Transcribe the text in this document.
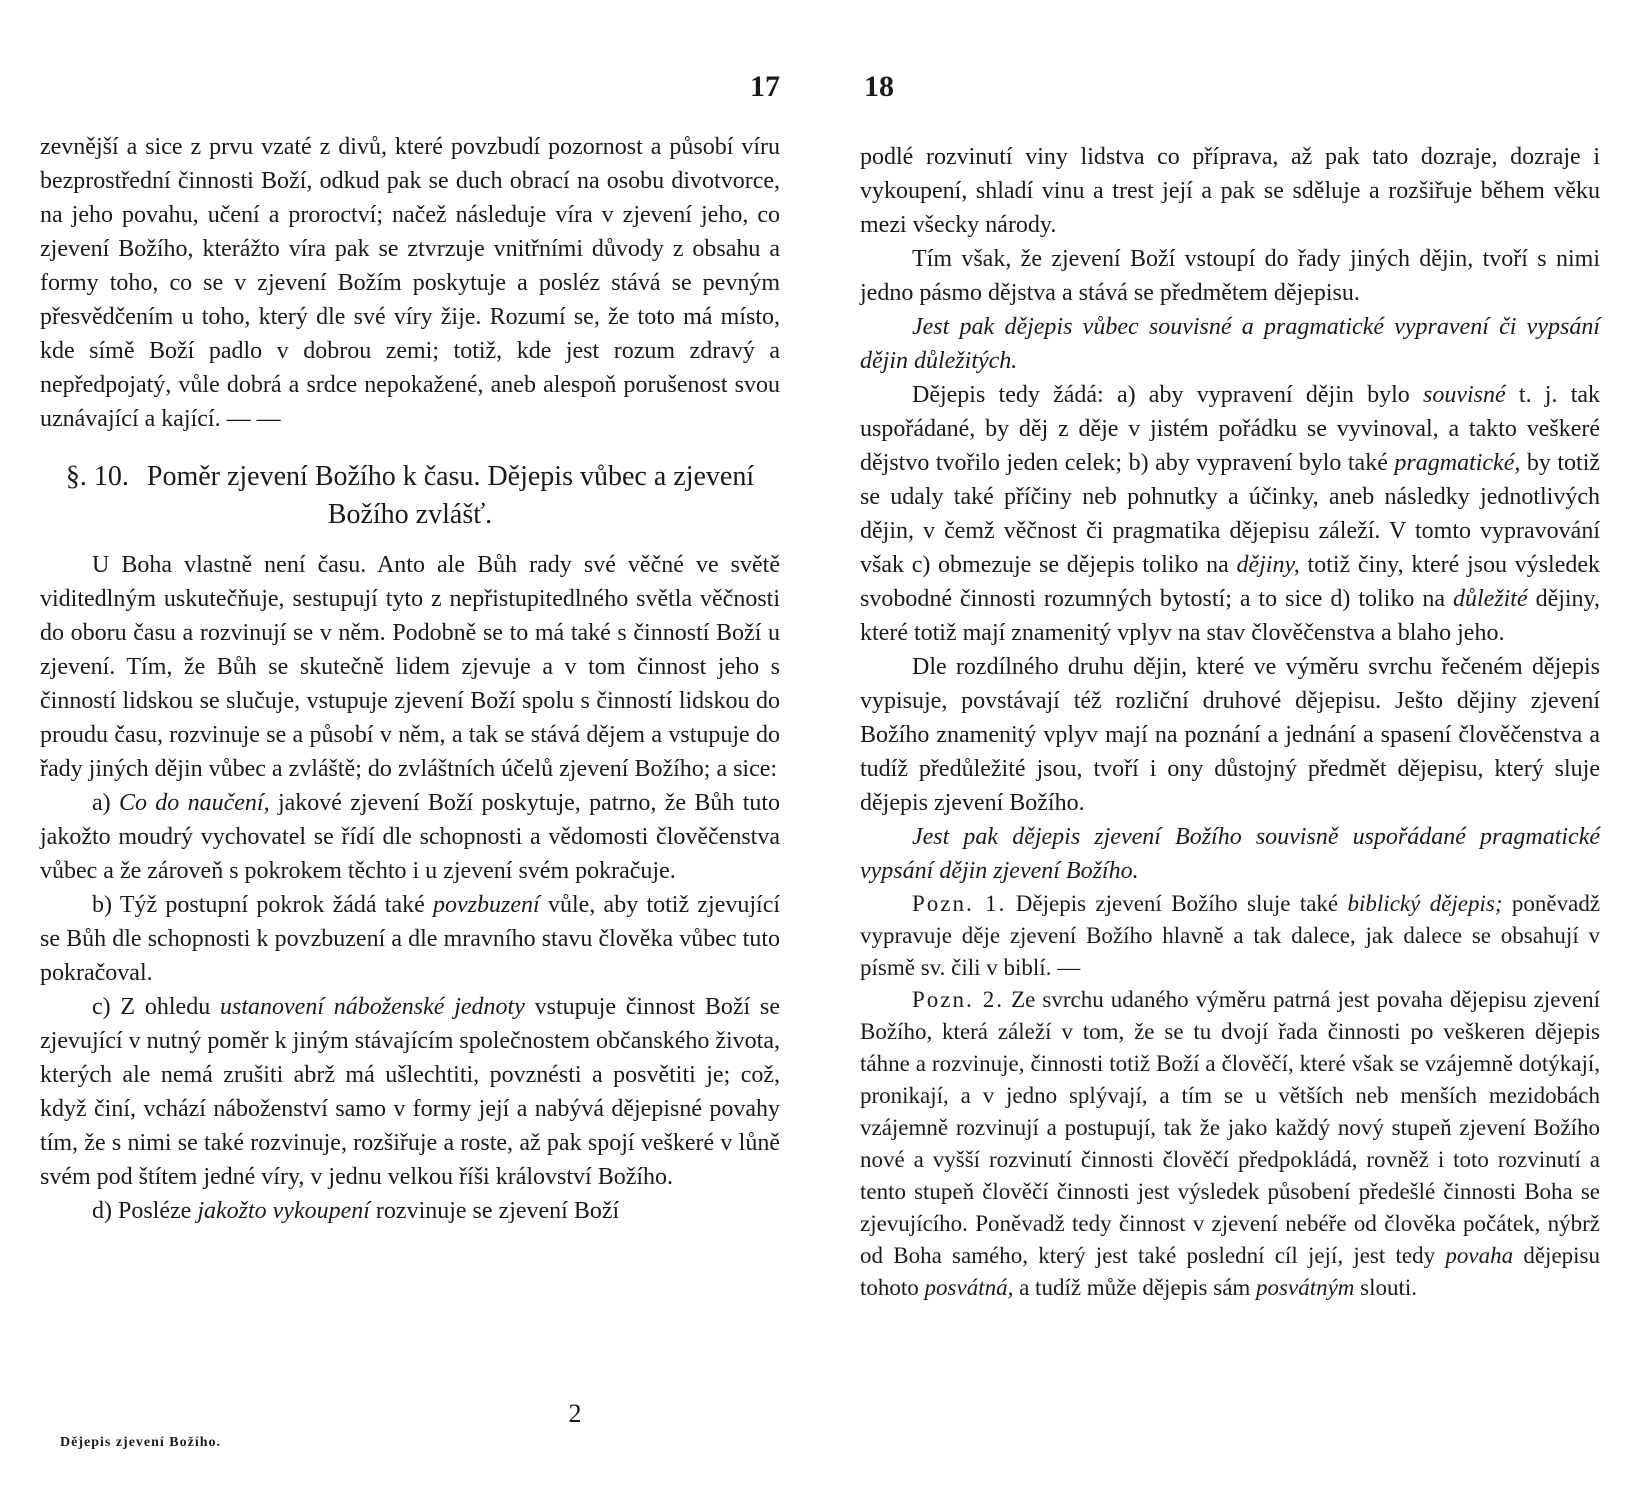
17

zevnější a sice z prvu vzaté z divů, které povzbudí pozornost a působí víru bezprostřední činnosti Boží, odkud pak se duch obrací na osobu divotvorce, na jeho povahu, učení a proroctví; načež následuje víra v zjevení jeho, co zjevení Božího, kterážto víra pak se ztvrzuje vnitřními důvody z obsahu a formy toho, co se v zjevení Božím poskytuje a posléz stává se pevným přesvědčením u toho, který dle své víry žije. Rozumí se, že toto má místo, kde símě Boží padlo v dobrou zemi; totiž, kde jest rozum zdravý a nepředpojatý, vůle dobrá a srdce nepokažené, aneb alespoň porušenost svou uznávající a kající. — —

§. 10. Poměr zjevení Božího k času. Dějepis vůbec a zjevení Božího zvlášť.

U Boha vlastně není času. Anto ale Bůh rady své věčné ve světě viditedlným uskutečňuje, sestupují tyto z nepřistupitedlného světla věčnosti do oboru času a rozvinují se v něm. Podobně se to má také s činností Boží u zjevení. Tím, že Bůh se skutečně lidem zjevuje a v tom činnost jeho s činností lidskou se slučuje, vstupuje zjevení Boží spolu s činností lidskou do proudu času, rozvinuje se a působí v něm, a tak se stává dějem a vstupuje do řady jiných dějin vůbec a zvláště; do zvláštních účelů zjevení Božího; a sice:

a) Co do naučení, jakové zjevení Boží poskytuje, patrno, že Bůh tuto jakožto moudrý vychovatel se řídí dle schopnosti a vědomosti člověčenstva vůbec a že zároveň s pokrokem těchto i u zjevení svém pokračuje.

b) Týž postupní pokrok žádá také povzbuzení vůle, aby totiž zjevující se Bůh dle schopnosti k povzbuzení a dle mravního stavu člověka vůbec tuto pokračoval.

c) Z ohledu ustanovení náboženské jednoty vstupuje činnost Boží se zjevující v nutný poměr k jiným stávajícím společnostem občanského života, kterých ale nemá zrušiti abrž má ušlechtiti, povznésti a posvětiti je; což, když činí, vchází náboženství samo v formy její a nabývá dějepisné povahy tím, že s nimi se také rozvinuje, rozšiřuje a roste, až pak spojí veškeré v lůně svém pod štítem jedné víry, v jednu velkou říši království Božího.

d) Posléze jakožto vykoupení rozvinuje se zjevení Boží

Dějepis zjevení Božího.
2
18

podlé rozvinutí viny lidstva co příprava, až pak tato dozraje, dozraje i vykoupení, shladí vinu a trest její a pak se sděluje a rozšiřuje během věku mezi všecky národy.

Tím však, že zjevení Boží vstoupí do řady jiných dějin, tvoří s nimi jedno pásmo dějstva a stává se předmětem dějepisu.

Jest pak dějepis vůbec souvisné a pragmatické vypravení či vypsání dějin důležitých.

Dějepis tedy žádá: a) aby vypravení dějin bylo souvisné t. j. tak uspořádané, by děj z děje v jistém pořádku se vyvinoval, a takto veškeré dějstvo tvořilo jeden celek; b) aby vypravení bylo také pragmatické, by totiž se udaly také příčiny neb pohnutky a účinky, aneb následky jednotlivých dějin, v čemž věčnost či pragmatika dějepisu záleží. V tomto vypravování však c) obmezuje se dějepis toliko na dějiny, totiž činy, které jsou výsledek svobodné činnosti rozumných bytostí; a to sice d) toliko na důležité dějiny, které totiž mají znamenitý vplyv na stav člověčenstva a blaho jeho.

Dle rozdílného druhu dějin, které ve výměru svrchu řečeném dějepis vypisuje, povstávají též rozliční druhové dějepisu. Ješto dějiny zjevení Božího znamenitý vplyv mají na poznání a jednání a spasení člověčenstva a tudíž předůležité jsou, tvoří i ony důstojný předmět dějepisu, který sluje dějepis zjevení Božího.

Jest pak dějepis zjevení Božího souvisně uspořádané pragmatické vypsání dějin zjevení Božího.

Pozn. 1. Dějepis zjevení Božího sluje také biblický dějepis; poněvadž vypravuje děje zjevení Božího hlavně a tak dalece, jak dalece se obsahují v písmě sv. čili v biblí. —

Pozn. 2. Ze svrchu udaného výměru patrná jest povaha dějepisu zjevení Božího, která záleží v tom, že se tu dvojí řada činnosti po veškeren dějepis táhne a rozvinuje, činnosti totiž Boží a člověčí, které však se vzájemně dotýkají, pronikají, a v jedno splývají, a tím se u větších neb menších mezidobách vzájemně rozvinují a postupují, tak že jako každý nový stupeň zjevení Božího nové a vyšší rozvinutí činnosti člověčí předpokládá, rovněž i toto rozvinutí a tento stupeň člověčí činnosti jest výsledek působení předešlé činnosti Boha se zjevujícího. Poněvadž tedy činnost v zjevení nebéře od člověka počátek, nýbrž od Boha samého, který jest také poslední cíl její, jest tedy povaha dějepisu tohoto posvátná, a tudíž může dějepis sám posvátným slouti.
